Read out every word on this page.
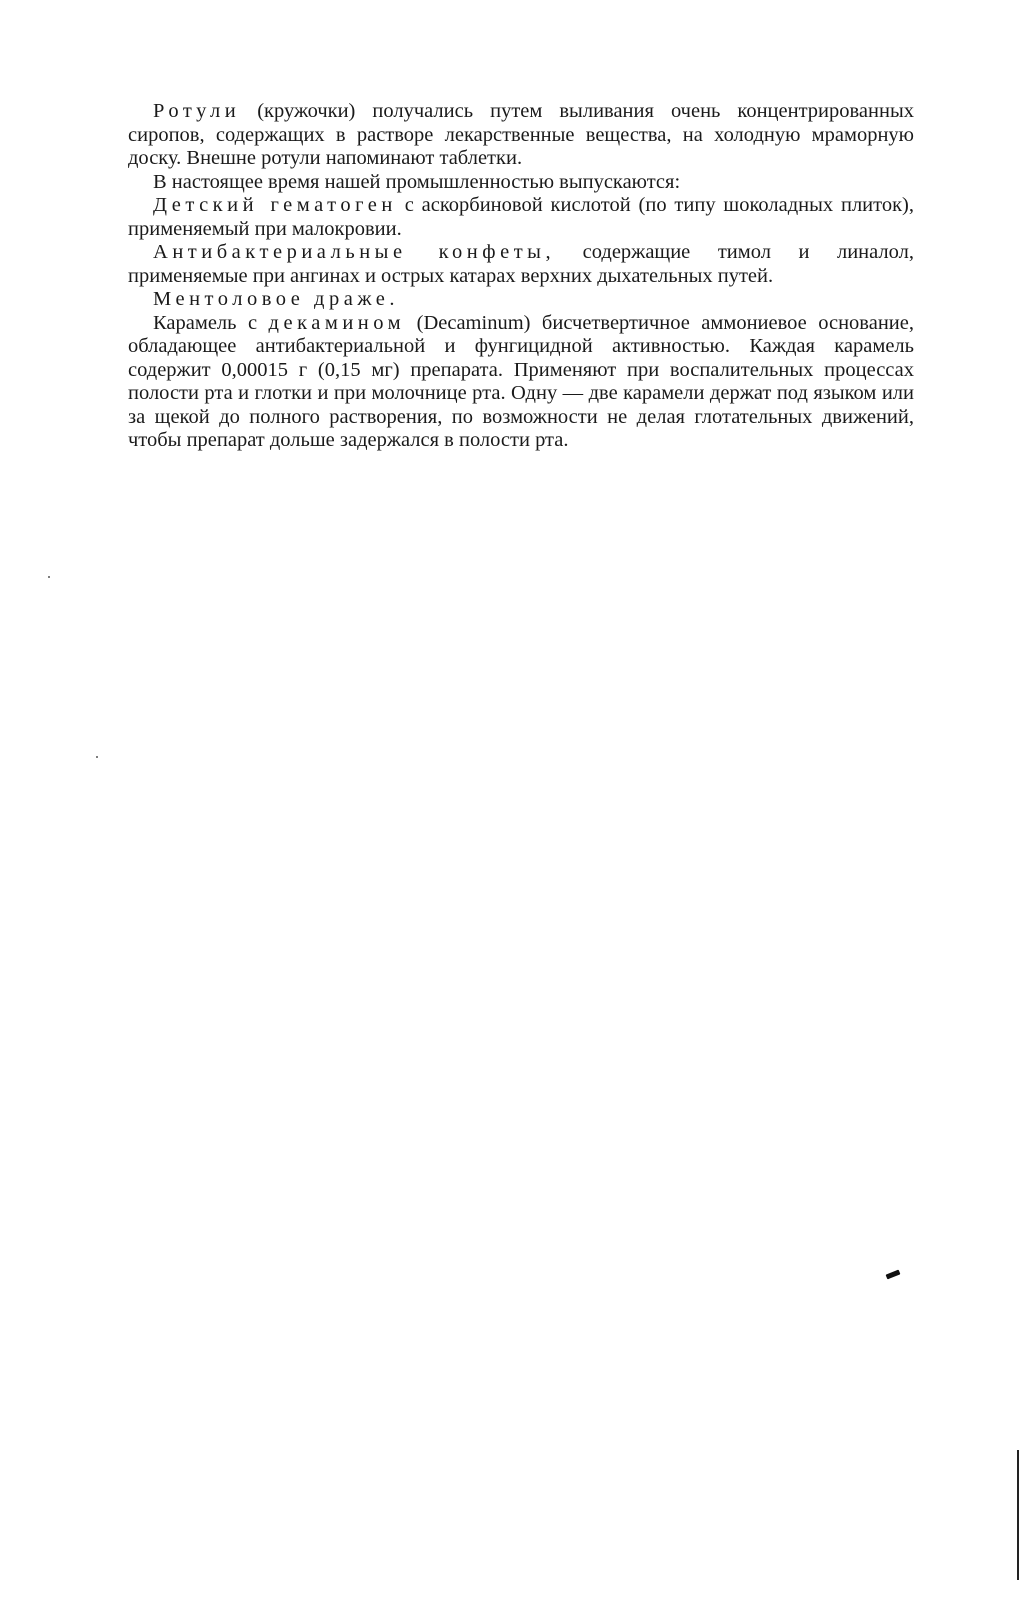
Ротули (кружочки) получались путем выливания очень концентрированных сиропов, содержащих в растворе лекарственные вещества, на холодную мраморную доску. Внешне ротули напоминают таблетки.

В настоящее время нашей промышленностью выпускаются:

Детский гематоген с аскорбиновой кислотой (по типу шоколадных плиток), применяемый при малокровии.

Антибактериальные конфеты, содержащие тимол и линалол, применяемые при ангинах и острых катарах верхних дыхательных путей.

Ментоловое драже.

Карамель с декамином (Decaminum) бисчетвертичное аммониевое основание, обладающее антибактериальной и фунгицидной активностью. Каждая карамель содержит 0,00015 г (0,15 мг) препарата. Применяют при воспалительных процессах полости рта и глотки и при молочнице рта. Одну — две карамели держат под языком или за щекой до полного растворения, по возможности не делая глотательных движений, чтобы препарат дольше задержался в полости рта.
